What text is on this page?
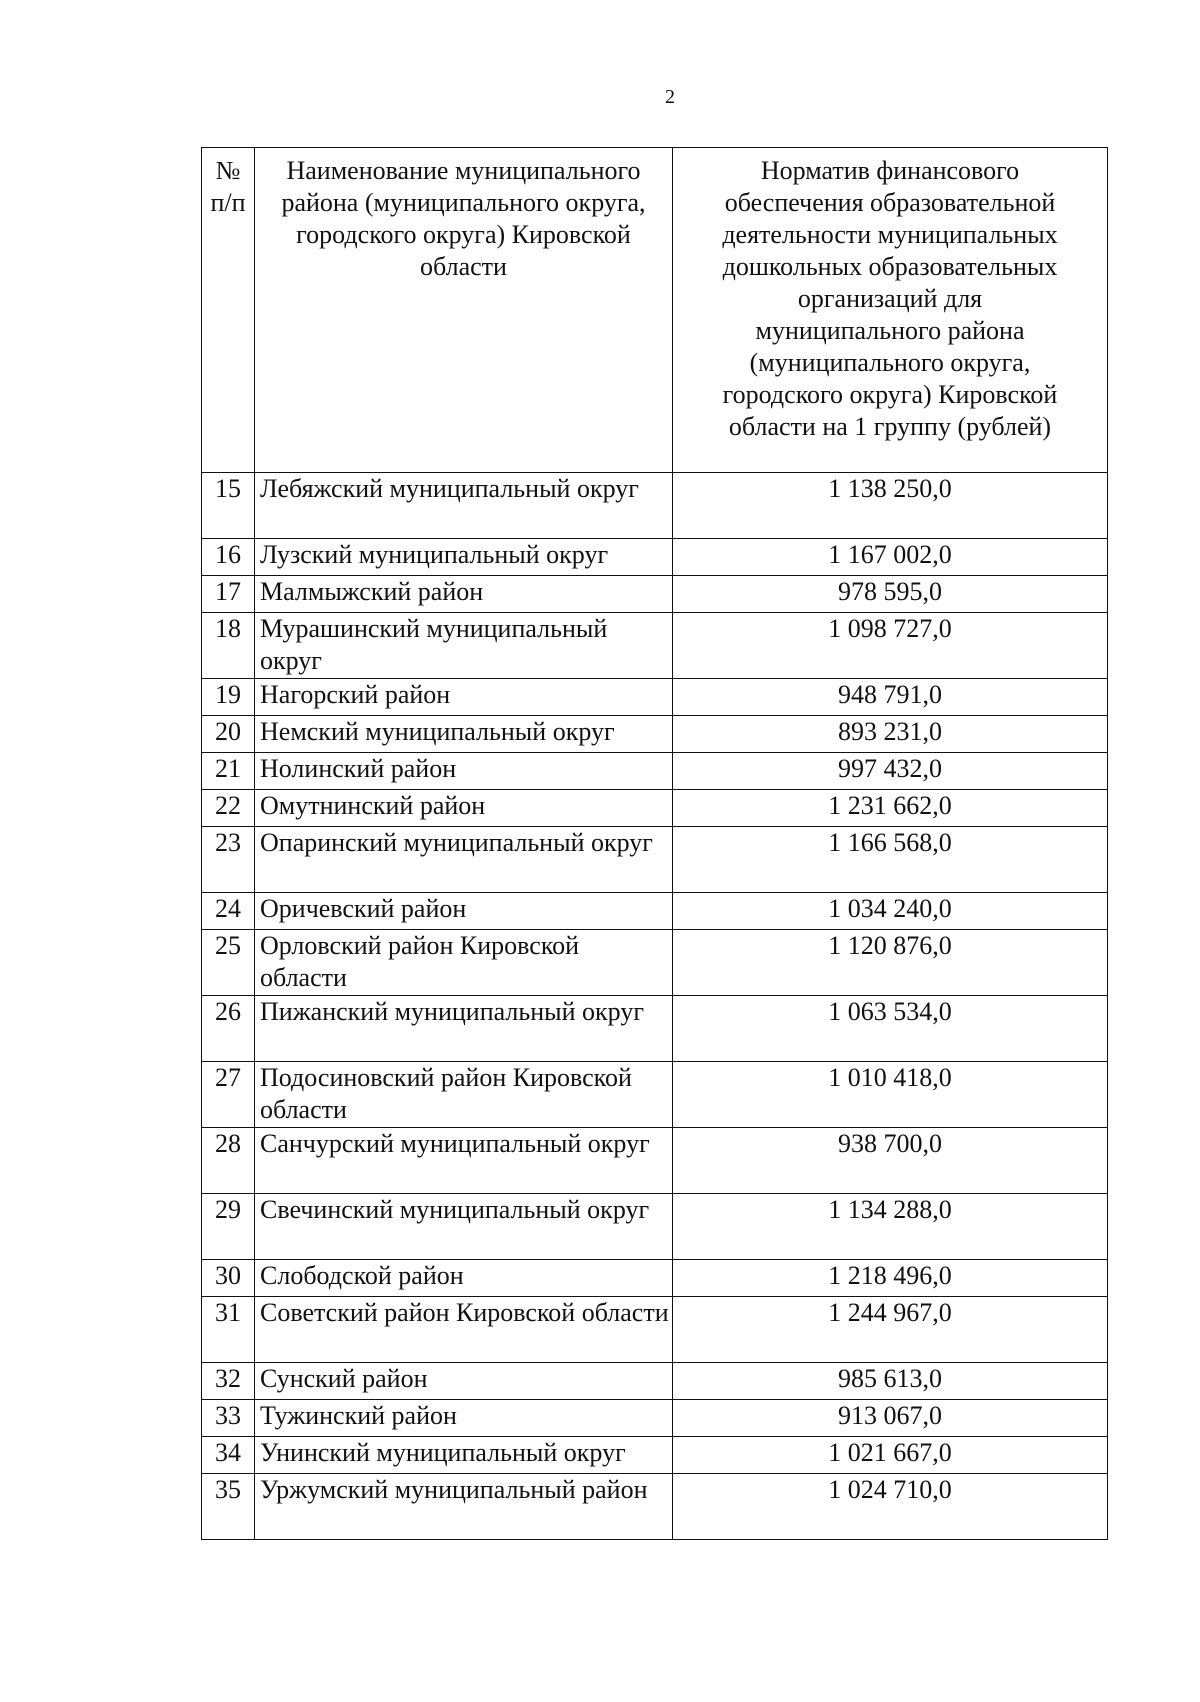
2
№ п/п	Наименование муниципального района (муниципального округа, городского округа) Кировской области	Норматив финансового обеспечения образовательной деятельности муниципальных дошкольных образовательных организаций для муниципального района (муниципального округа, городского округа) Кировской области на 1 группу (рублей)

15	Лебяжский муниципальный округ	1 138 250,0
16	Лузский муниципальный округ	1 167 002,0
17	Малмыжский район	978 595,0
18	Мурашинский муниципальный округ	1 098 727,0
19	Нагорский район	948 791,0
20	Немский муниципальный округ	893 231,0
21	Нолинский район	997 432,0
22	Омутнинский район	1 231 662,0
23	Опаринский муниципальный округ	1 166 568,0
24	Оричевский район	1 034 240,0
25	Орловский район Кировской области	1 120 876,0
26	Пижанский муниципальный округ	1 063 534,0
27	Подосиновский район Кировской области	1 010 418,0
28	Санчурский муниципальный округ	938 700,0
29	Свечинский муниципальный округ	1 134 288,0
30	Слободской район	1 218 496,0
31	Советский район Кировской области	1 244 967,0
32	Сунский район	985 613,0
33	Тужинский район	913 067,0
34	Унинский муниципальный округ	1 021 667,0
35	Уржумский муниципальный район	1 024 710,0
